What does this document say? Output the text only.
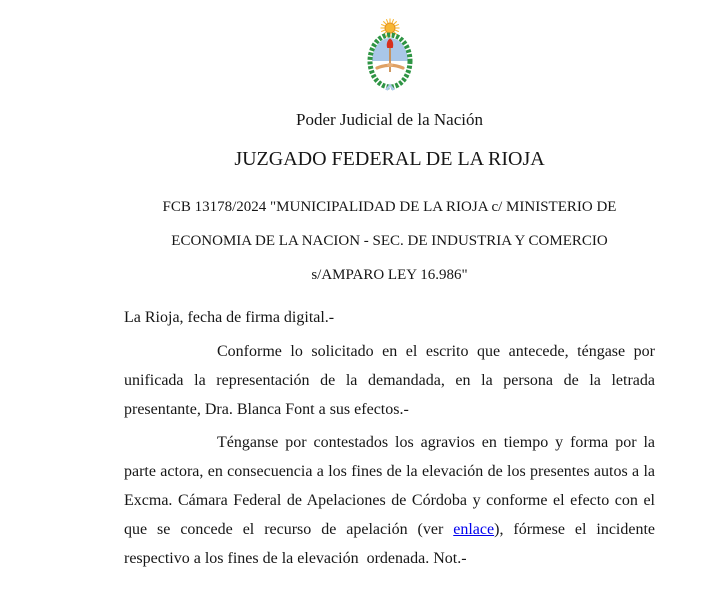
Poder Judicial de la Nación
JUZGADO FEDERAL DE LA RIOJA
FCB 13178/2024 "MUNICIPALIDAD DE LA RIOJA c/ MINISTERIO DE
ECONOMIA DE LA NACION - SEC. DE INDUSTRIA Y COMERCIO
s/AMPARO LEY 16.986"

La Rioja, fecha de firma digital.-

Conforme lo solicitado en el escrito que antecede, téngase por unificada la representación de la demandada, en la persona de la letrada presentante, Dra. Blanca Font a sus efectos.-

Ténganse por contestados los agravios en tiempo y forma por la parte actora, en consecuencia a los fines de la elevación de los presentes autos a la Excma. Cámara Federal de Apelaciones de Córdoba y conforme el efecto con el que se concede el recurso de apelación (ver enlace), fórmese el incidente respectivo a los fines de la elevación  ordenada. Not.-
